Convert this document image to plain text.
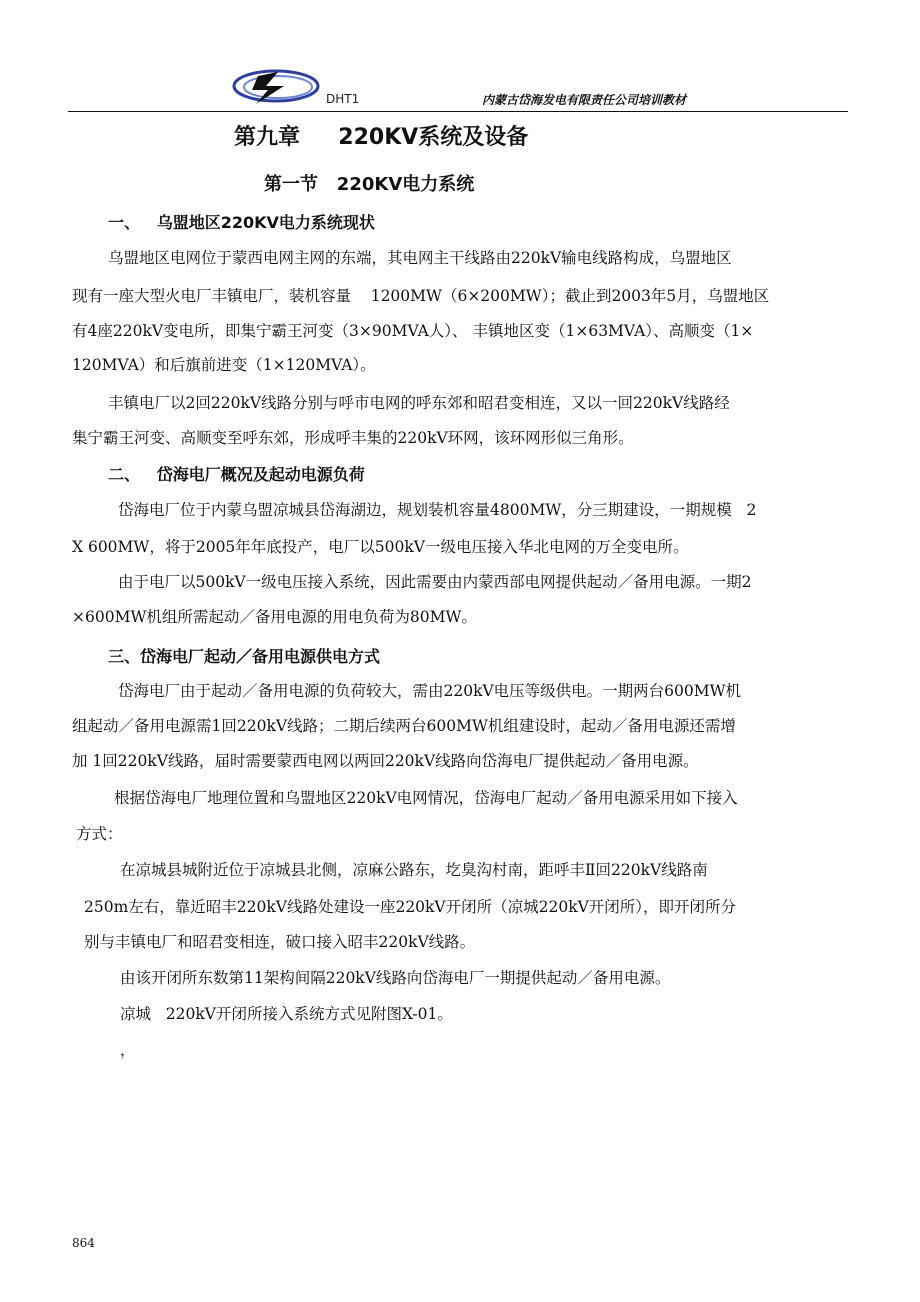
DHT1	内蒙古岱海发电有限责任公司培训教材
第九章     220KV系统及设备
第一节   220KV电力系统
一、   乌盟地区220KV电力系统现状
乌盟地区电网位于蒙西电网主网的东端，其电网主干线路由220kV输电线路构成，乌盟地区
现有一座大型火电厂丰镇电厂，装机容量    1200MW（6×200MW）；截止到2003年5月，乌盟地区
有4座220kV变电所，即集宁霸王河变（3×90MVA人）、 丰镇地区变（1×63MVA）、高顺变（1×
120MVA）和后旗前进变（1×120MVA）。
丰镇电厂以2回220kV线路分别与呼市电网的呼东郊和昭君变相连，又以一回220kV线路经
集宁霸王河变、高顺变至呼东郊，形成呼丰集的220kV环网，该环网形似三角形。
二、   岱海电厂概况及起动电源负荷
岱海电厂位于内蒙乌盟凉城县岱海湖边，规划装机容量4800MW，分三期建设，一期规模   2
X 600MW，将于2005年年底投产，电厂以500kV一级电压接入华北电网的万全变电所。
由于电厂以500kV一级电压接入系统，因此需要由内蒙西部电网提供起动／备用电源。一期2
×600MW机组所需起动／备用电源的用电负荷为80MW。
三、岱海电厂起动／备用电源供电方式
岱海电厂由于起动／备用电源的负荷较大，需由220kV电压等级供电。一期两台600MW机
组起动／备用电源需1回220kV线路；二期后续两台600MW机组建设时，起动／备用电源还需增
加 1回220kV线路，届时需要蒙西电网以两回220kV线路向岱海电厂提供起动／备用电源。
根据岱海电厂地理位置和乌盟地区220kV电网情况，岱海电厂起动／备用电源采用如下接入
方式：
在凉城县城附近位于凉城县北侧，凉麻公路东，圪臭沟村南，距呼丰Ⅱ回220kV线路南
250m左右，靠近昭丰220kV线路处建设一座220kV开闭所（凉城220kV开闭所），即开闭所分
别与丰镇电厂和昭君变相连，破口接入昭丰220kV线路。
由该开闭所东数第11架构间隔220kV线路向岱海电厂一期提供起动／备用电源。
凉城   220kV开闭所接入系统方式见附图X-01。
，
864
